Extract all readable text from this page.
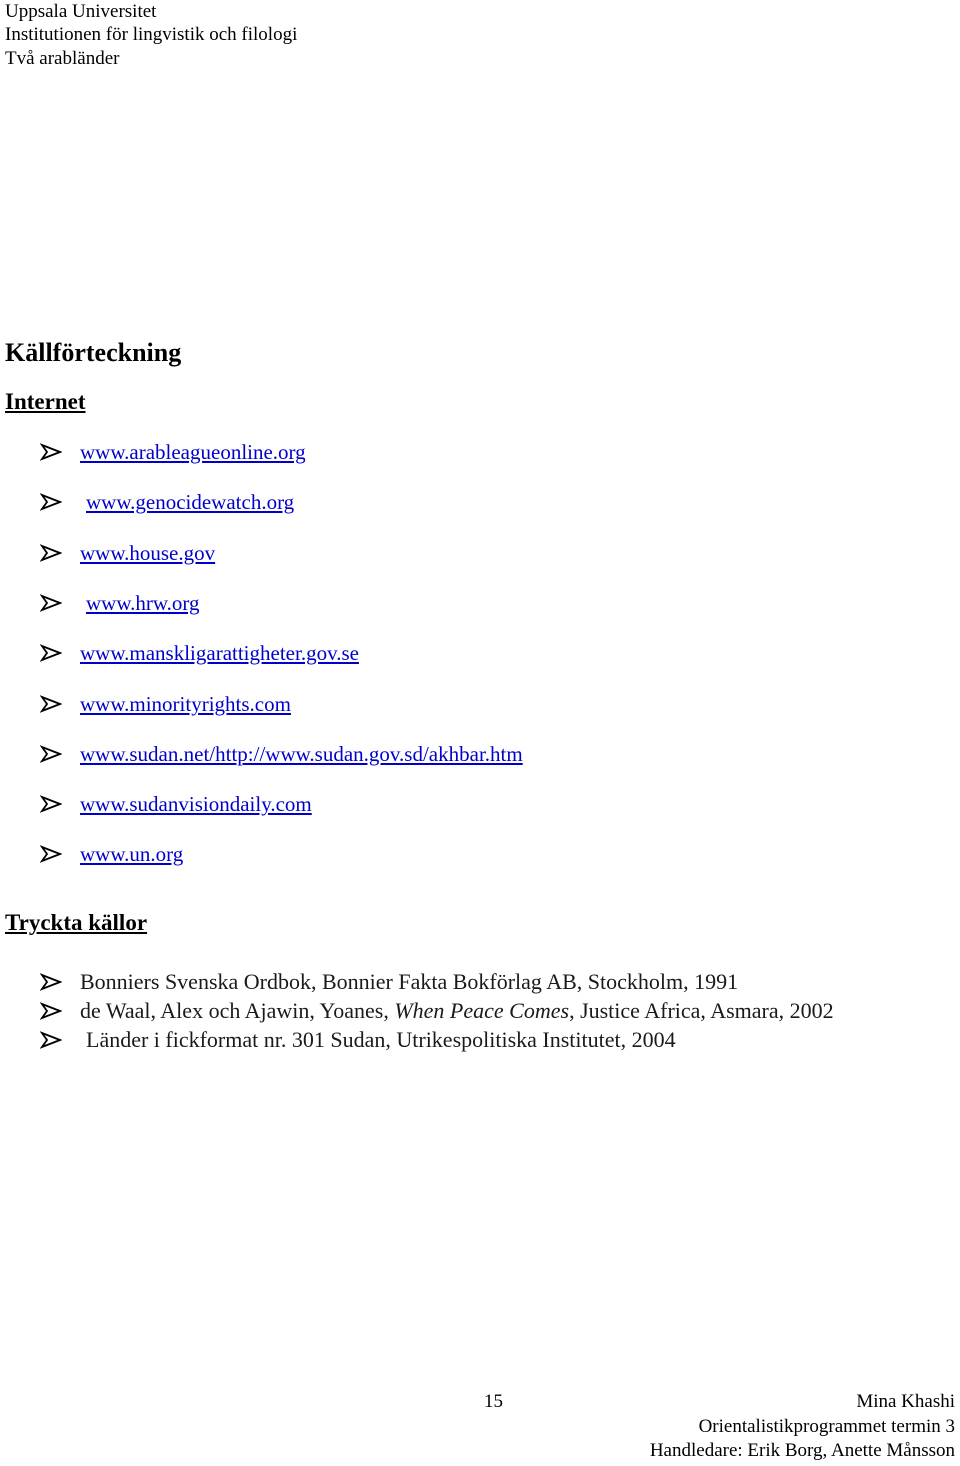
Uppsala Universitet
Institutionen för lingvistik och filologi
Två arabländer
Källförteckning
Internet
www.arableagueonline.org
www.genocidewatch.org
www.house.gov
www.hrw.org
www.manskligarattigheter.gov.se
www.minorityrights.com
www.sudan.net/http://www.sudan.gov.sd/akhbar.htm
www.sudanvisiondaily.com
www.un.org
Tryckta källor
Bonniers Svenska Ordbok, Bonnier Fakta Bokförlag AB, Stockholm, 1991
de Waal, Alex och Ajawin, Yoanes, When Peace Comes, Justice Africa, Asmara, 2002
Länder i fickformat nr. 301 Sudan, Utrikespolitiska Institutet, 2004
15	Mina Khashi
Orientalistikprogrammet termin 3
Handledare: Erik Borg, Anette Månsson
